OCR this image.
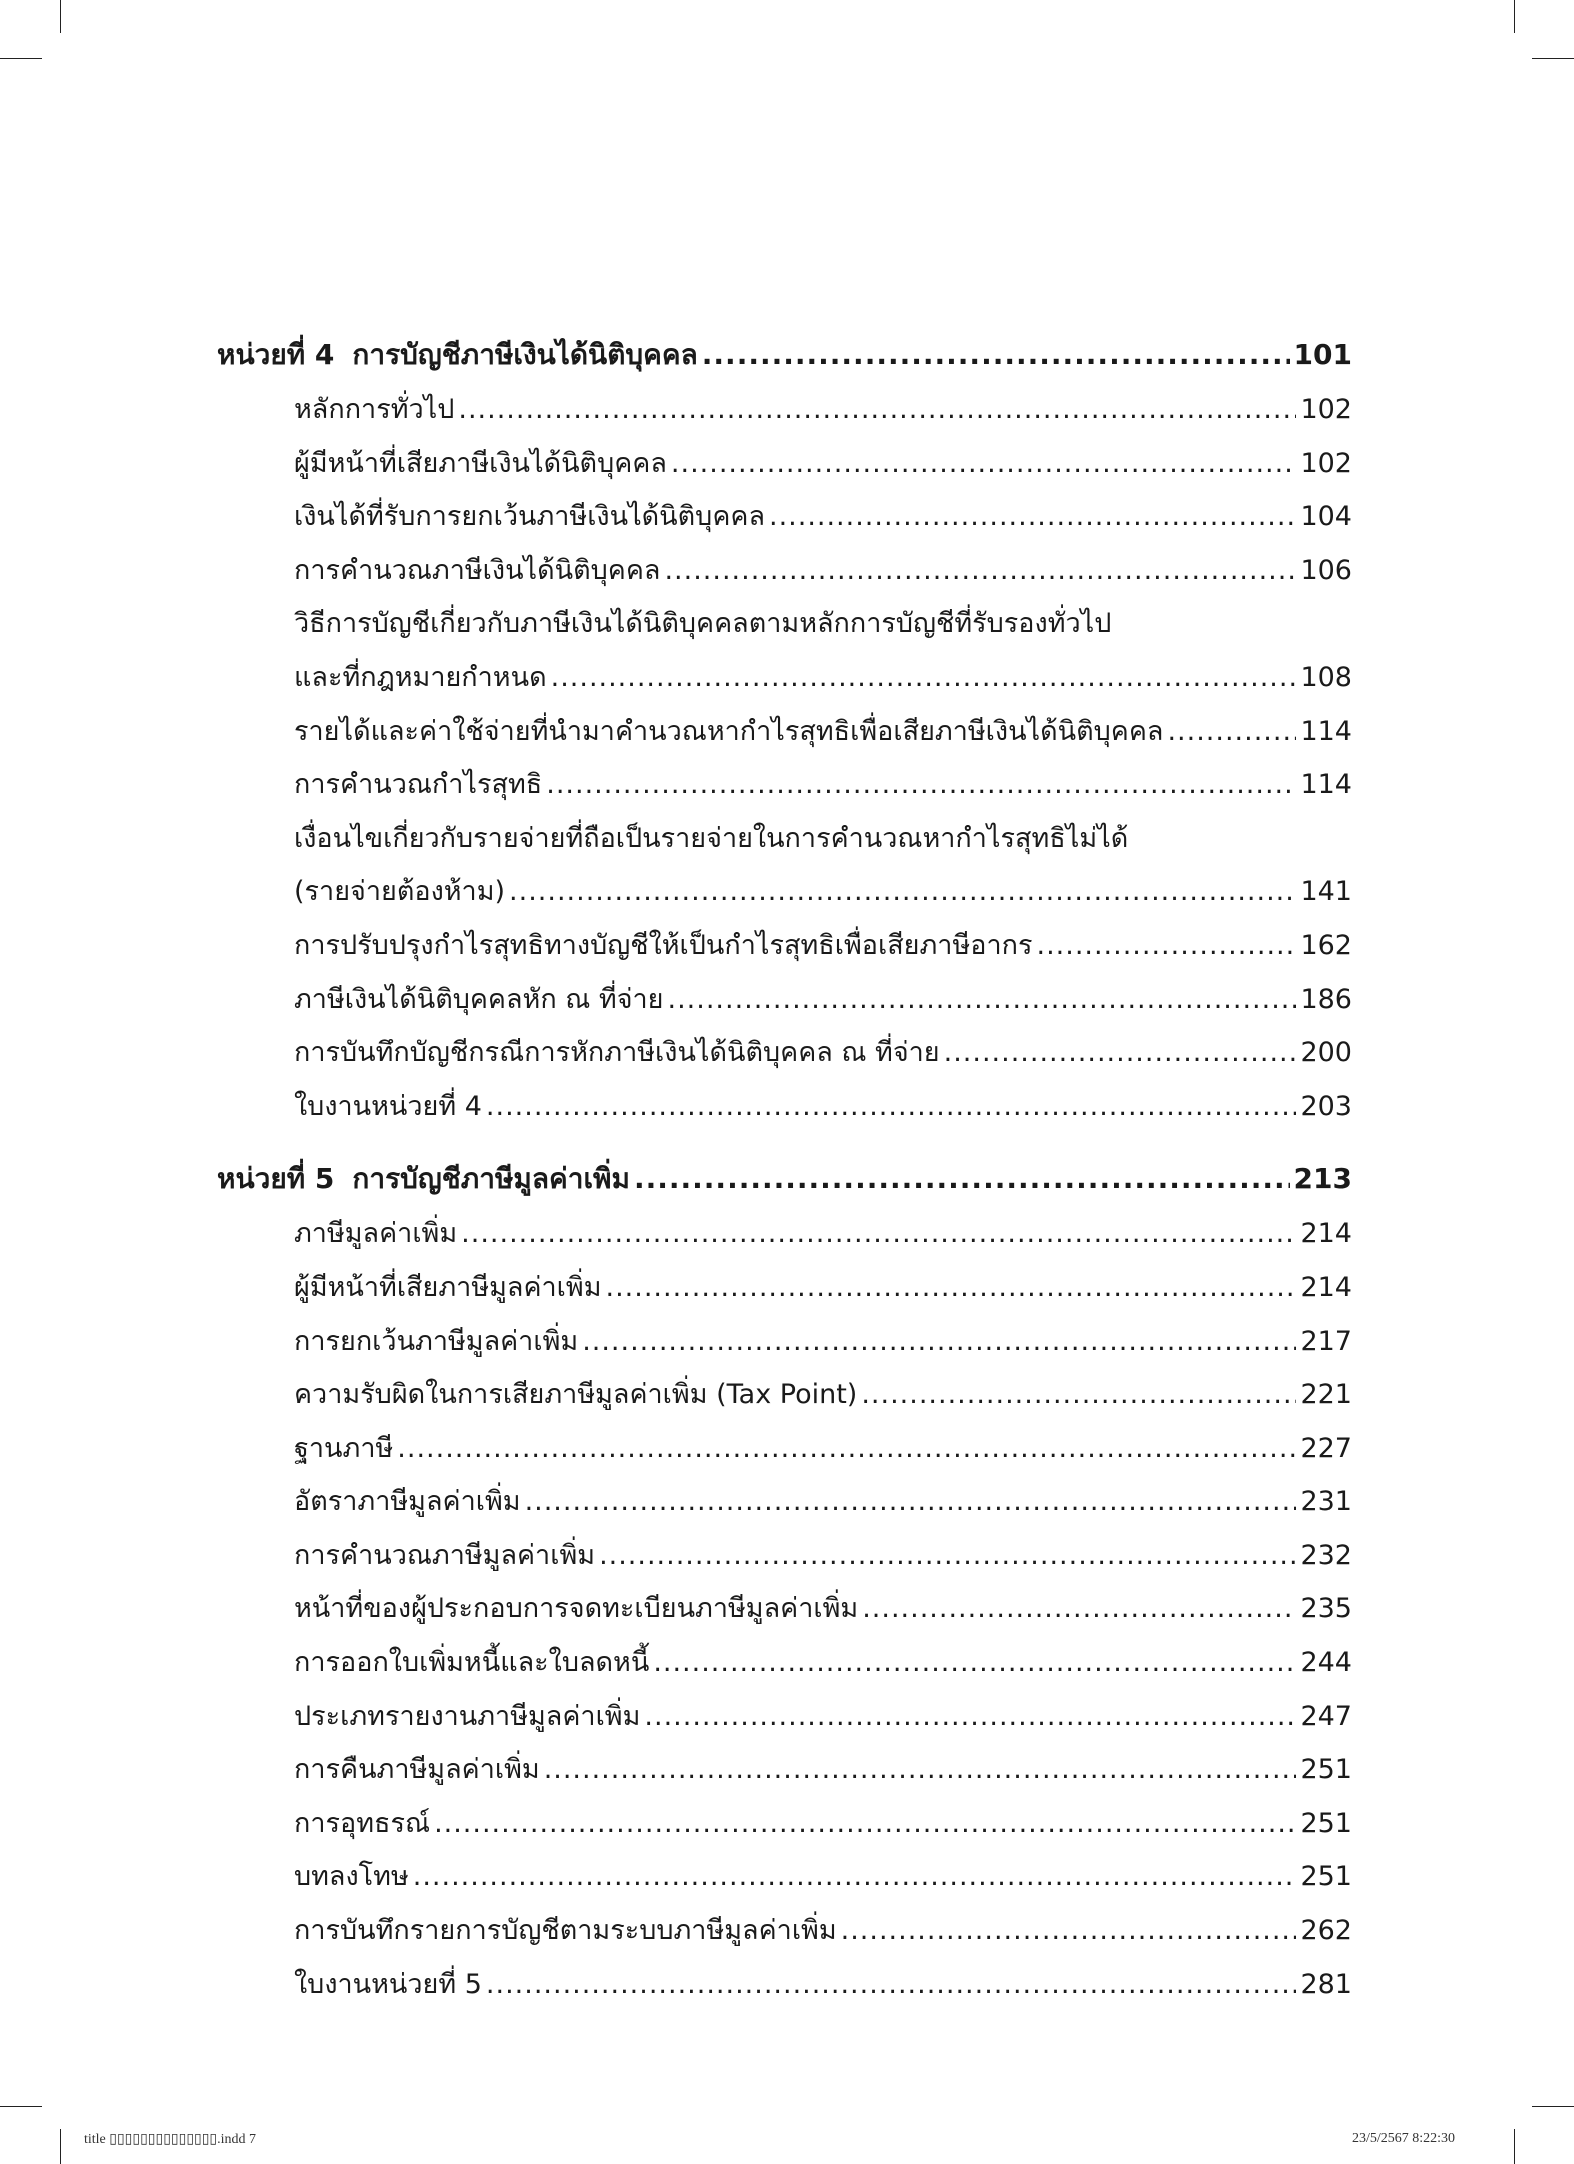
หน่วยที่ 4 การบัญชีภาษีเงินได้นิติบุคคล .....	101
หลักการทั่วไป .....	102
ผู้มีหน้าที่เสียภาษีเงินได้นิติบุคคล .....	102
เงินได้ที่รับการยกเว้นภาษีเงินได้นิติบุคคล .....	104
การคำนวณภาษีเงินได้นิติบุคคล .....	106
วิธีการบัญชีเกี่ยวกับภาษีเงินได้นิติบุคคลตามหลักการบัญชีที่รับรองทั่วไป
และที่กฎหมายกำหนด .....	108
รายได้และค่าใช้จ่ายที่นำมาคำนวณหากำไรสุทธิเพื่อเสียภาษีเงินได้นิติบุคคล .....	114
การคำนวณกำไรสุทธิ .....	114
เงื่อนไขเกี่ยวกับรายจ่ายที่ถือเป็นรายจ่ายในการคำนวณหากำไรสุทธิไม่ได้
(รายจ่ายต้องห้าม) .....	141
การปรับปรุงกำไรสุทธิทางบัญชีให้เป็นกำไรสุทธิเพื่อเสียภาษีอากร .....	162
ภาษีเงินได้นิติบุคคลหัก ณ ที่จ่าย .....	186
การบันทึกบัญชีกรณีการหักภาษีเงินได้นิติบุคคล ณ ที่จ่าย .....	200
ใบงานหน่วยที่ 4 .....	203
หน่วยที่ 5 การบัญชีภาษีมูลค่าเพิ่ม .....	213
ภาษีมูลค่าเพิ่ม .....	214
ผู้มีหน้าที่เสียภาษีมูลค่าเพิ่ม .....	214
การยกเว้นภาษีมูลค่าเพิ่ม .....	217
ความรับผิดในการเสียภาษีมูลค่าเพิ่ม (Tax Point) .....	221
ฐานภาษี .....	227
อัตราภาษีมูลค่าเพิ่ม .....	231
การคำนวณภาษีมูลค่าเพิ่ม .....	232
หน้าที่ของผู้ประกอบการจดทะเบียนภาษีมูลค่าเพิ่ม .....	235
การออกใบเพิ่มหนี้และใบลดหนี้ .....	244
ประเภทรายงานภาษีมูลค่าเพิ่ม .....	247
การคืนภาษีมูลค่าเพิ่ม .....	251
การอุทธรณ์ .....	251
บทลงโทษ .....	251
การบันทึกรายการบัญชีตามระบบภาษีมูลค่าเพิ่ม .....	262
ใบงานหน่วยที่ 5 .....	281
title ▯▯▯▯▯▯▯▯▯▯▯▯▯▯.indd 7	23/5/2567 8:22:30
